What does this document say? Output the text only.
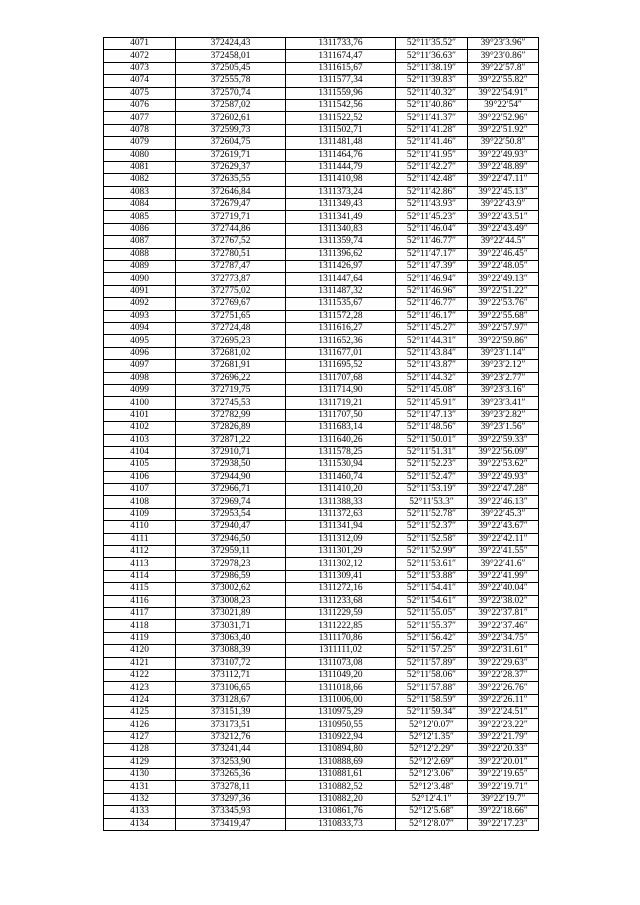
4071	372424,43	1311733,76	52°11′35.52″	39°23′3.96″
4072	372458,01	1311674,47	52°11′36.63″	39°23′0.86″
4073	372505,45	1311615,67	52°11′38.19″	39°22′57.8″
4074	372555,78	1311577,34	52°11′39.83″	39°22′55.82″
4075	372570,74	1311559,96	52°11′40.32″	39°22′54.91″
4076	372587,02	1311542,56	52°11′40.86″	39°22′54″
4077	372602,61	1311522,52	52°11′41.37″	39°22′52.96″
4078	372599,73	1311502,71	52°11′41.28″	39°22′51.92″
4079	372604,75	1311481,48	52°11′41.46″	39°22′50.8″
4080	372619,71	1311464,76	52°11′41.95″	39°22′49.93″
4081	372629,37	1311444,79	52°11′42.27″	39°22′48.89″
4082	372635,55	1311410,98	52°11′42.48″	39°22′47.11″
4083	372646,84	1311373,24	52°11′42.86″	39°22′45.13″
4084	372679,47	1311349,43	52°11′43.93″	39°22′43.9″
4085	372719,71	1311341,49	52°11′45.23″	39°22′43.51″
4086	372744,86	1311340,83	52°11′46.04″	39°22′43.49″
4087	372767,52	1311359,74	52°11′46.77″	39°22′44.5″
4088	372780,51	1311396,62	52°11′47.17″	39°22′46.45″
4089	372787,47	1311426,97	52°11′47.39″	39°22′48.05″
4090	372773,87	1311447,64	52°11′46.94″	39°22′49.13″
4091	372775,02	1311487,32	52°11′46.96″	39°22′51.22″
4092	372769,67	1311535,67	52°11′46.77″	39°22′53.76″
4093	372751,65	1311572,28	52°11′46.17″	39°22′55.68″
4094	372724,48	1311616,27	52°11′45.27″	39°22′57.97″
4095	372695,23	1311652,36	52°11′44.31″	39°22′59.86″
4096	372681,02	1311677,01	52°11′43.84″	39°23′1.14″
4097	372681,91	1311695,52	52°11′43.87″	39°23′2.12″
4098	372696,22	1311707,68	52°11′44.32″	39°23′2.77″
4099	372719,75	1311714,90	52°11′45.08″	39°23′3.16″
4100	372745,53	1311719,21	52°11′45.91″	39°23′3.41″
4101	372782,99	1311707,50	52°11′47.13″	39°23′2.82″
4102	372826,89	1311683,14	52°11′48.56″	39°23′1.56″
4103	372871,22	1311640,26	52°11′50.01″	39°22′59.33″
4104	372910,71	1311578,25	52°11′51.31″	39°22′56.09″
4105	372938,50	1311530,94	52°11′52.23″	39°22′53.62″
4106	372944,90	1311460,74	52°11′52.47″	39°22′49.93″
4107	372966,71	1311410,20	52°11′53.19″	39°22′47.28″
4108	372969,74	1311388,33	52°11′53.3″	39°22′46.13″
4109	372953,54	1311372,63	52°11′52.78″	39°22′45.3″
4110	372940,47	1311341,94	52°11′52.37″	39°22′43.67″
4111	372946,50	1311312,09	52°11′52.58″	39°22′42.11″
4112	372959,11	1311301,29	52°11′52.99″	39°22′41.55″
4113	372978,23	1311302,12	52°11′53.61″	39°22′41.6″
4114	372986,59	1311309,41	52°11′53.88″	39°22′41.99″
4115	373002,62	1311272,16	52°11′54.41″	39°22′40.04″
4116	373008,23	1311233,68	52°11′54.61″	39°22′38.02″
4117	373021,89	1311229,59	52°11′55.05″	39°22′37.81″
4118	373031,71	1311222,85	52°11′55.37″	39°22′37.46″
4119	373063,40	1311170,86	52°11′56.42″	39°22′34.75″
4120	373088,39	1311111,02	52°11′57.25″	39°22′31.61″
4121	373107,72	1311073,08	52°11′57.89″	39°22′29.63″
4122	373112,71	1311049,20	52°11′58.06″	39°22′28.37″
4123	373106,65	1311018,66	52°11′57.88″	39°22′26.76″
4124	373128,67	1311006,00	52°11′58.59″	39°22′26.11″
4125	373151,39	1310975,29	52°11′59.34″	39°22′24.51″
4126	373173,51	1310950,55	52°12′0.07″	39°22′23.22″
4127	373212,76	1310922,94	52°12′1.35″	39°22′21.79″
4128	373241,44	1310894,80	52°12′2.29″	39°22′20.33″
4129	373253,90	1310888,69	52°12′2.69″	39°22′20.01″
4130	373265,36	1310881,61	52°12′3.06″	39°22′19.65″
4131	373278,11	1310882,52	52°12′3.48″	39°22′19.71″
4132	373297,36	1310882,20	52°12′4.1″	39°22′19.7″
4133	373345,93	1310861,76	52°12′5.68″	39°22′18.66″
4134	373419,47	1310833,73	52°12′8.07″	39°22′17.23″
